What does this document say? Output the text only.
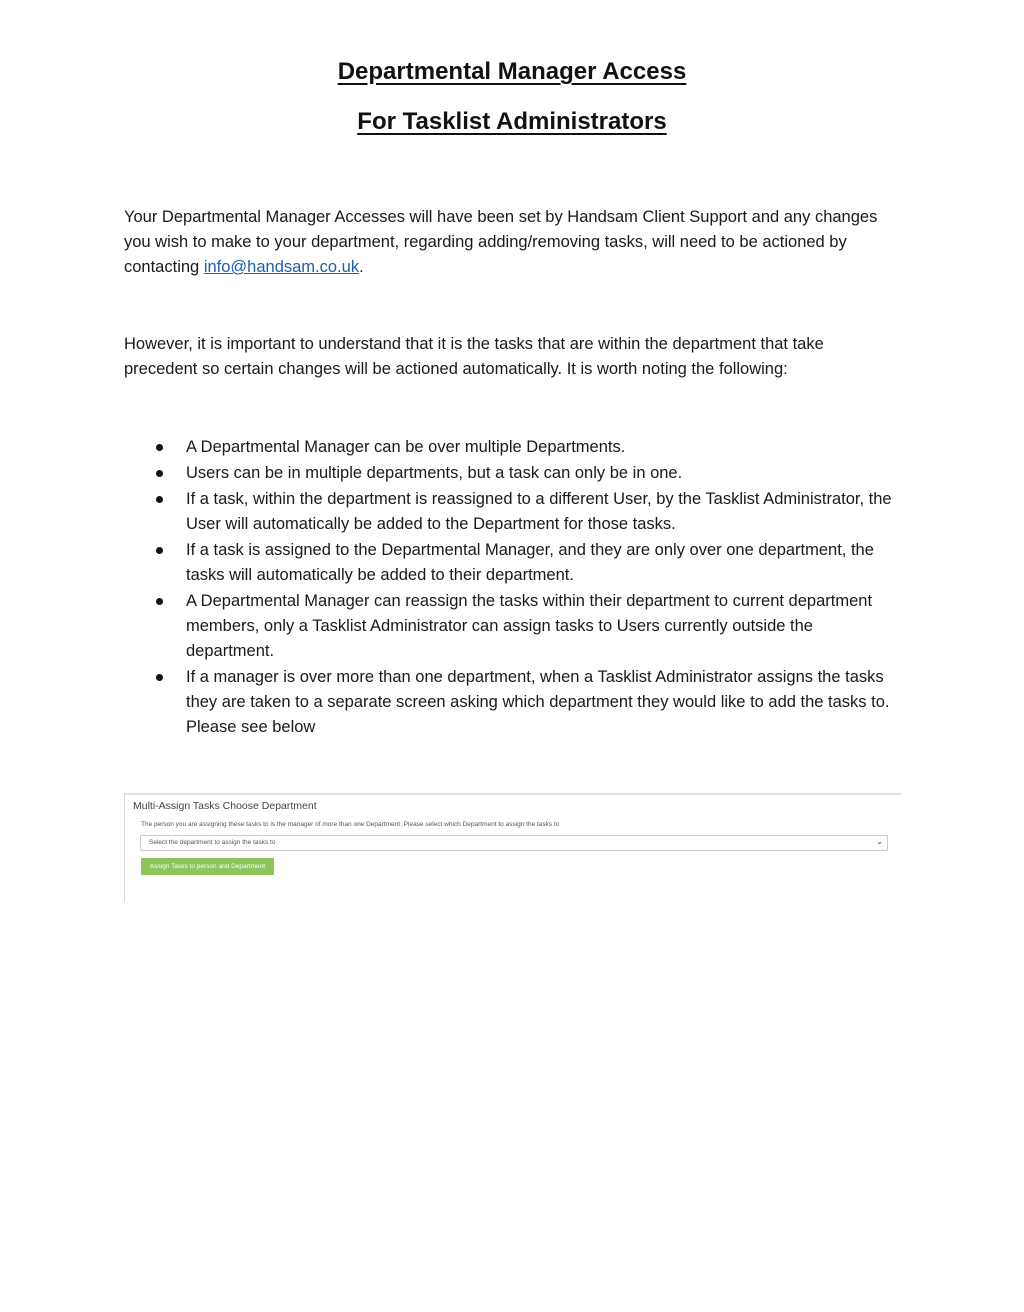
Departmental Manager Access
For Tasklist Administrators

Your Departmental Manager Accesses will have been set by Handsam Client Support and any changes you wish to make to your department, regarding adding/removing tasks, will need to be actioned by contacting info@handsam.co.uk.

However, it is important to understand that it is the tasks that are within the department that take precedent so certain changes will be actioned automatically. It is worth noting the following:

A Departmental Manager can be over multiple Departments.
Users can be in multiple departments, but a task can only be in one.
If a task, within the department is reassigned to a different User, by the Tasklist Administrator, the User will automatically be added to the Department for those tasks.
If a task is assigned to the Departmental Manager, and they are only over one department, the tasks will automatically be added to their department.
A Departmental Manager can reassign the tasks within their department to current department members, only a Tasklist Administrator can assign tasks to Users currently outside the department.
If a manager is over more than one department, when a Tasklist Administrator assigns the tasks they are taken to a separate screen asking which department they would like to add the tasks to. Please see below
Multi-Assign Tasks Choose Department
The person you are assigning these tasks to is the manager of more than one Department. Please select which Department to assign the tasks to
Select the department to assign the tasks to	⌄
Assign Tasks to person and Department
